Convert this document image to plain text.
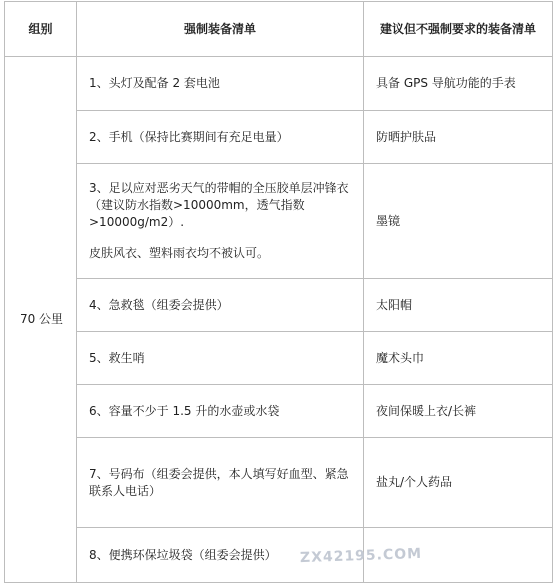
组别	强制装备清单	建议但不强制要求的装备清单
70 公里	1、头灯及配备 2 套电池	具备 GPS 导航功能的手表

	2、手机（保持比赛期间有充足电量）	防晒护肤品

	3、足以应对恶劣天气的带帽的全压胶单层冲锋衣（建议防水指数>10000mm，透气指数>10000g/m2）.

皮肤风衣、塑料雨衣均不被认可。	墨镜

	4、急救毯（组委会提供）	太阳帽

	5、救生哨	魔术头巾

	6、容量不少于 1.5 升的水壶或水袋	夜间保暖上衣/长裤

	7、号码布（组委会提供，本人填写好血型、紧急联系人电话）	盐丸/个人药品

	8、便携环保垃圾袋（组委会提供）	

		ZX42195.COM
